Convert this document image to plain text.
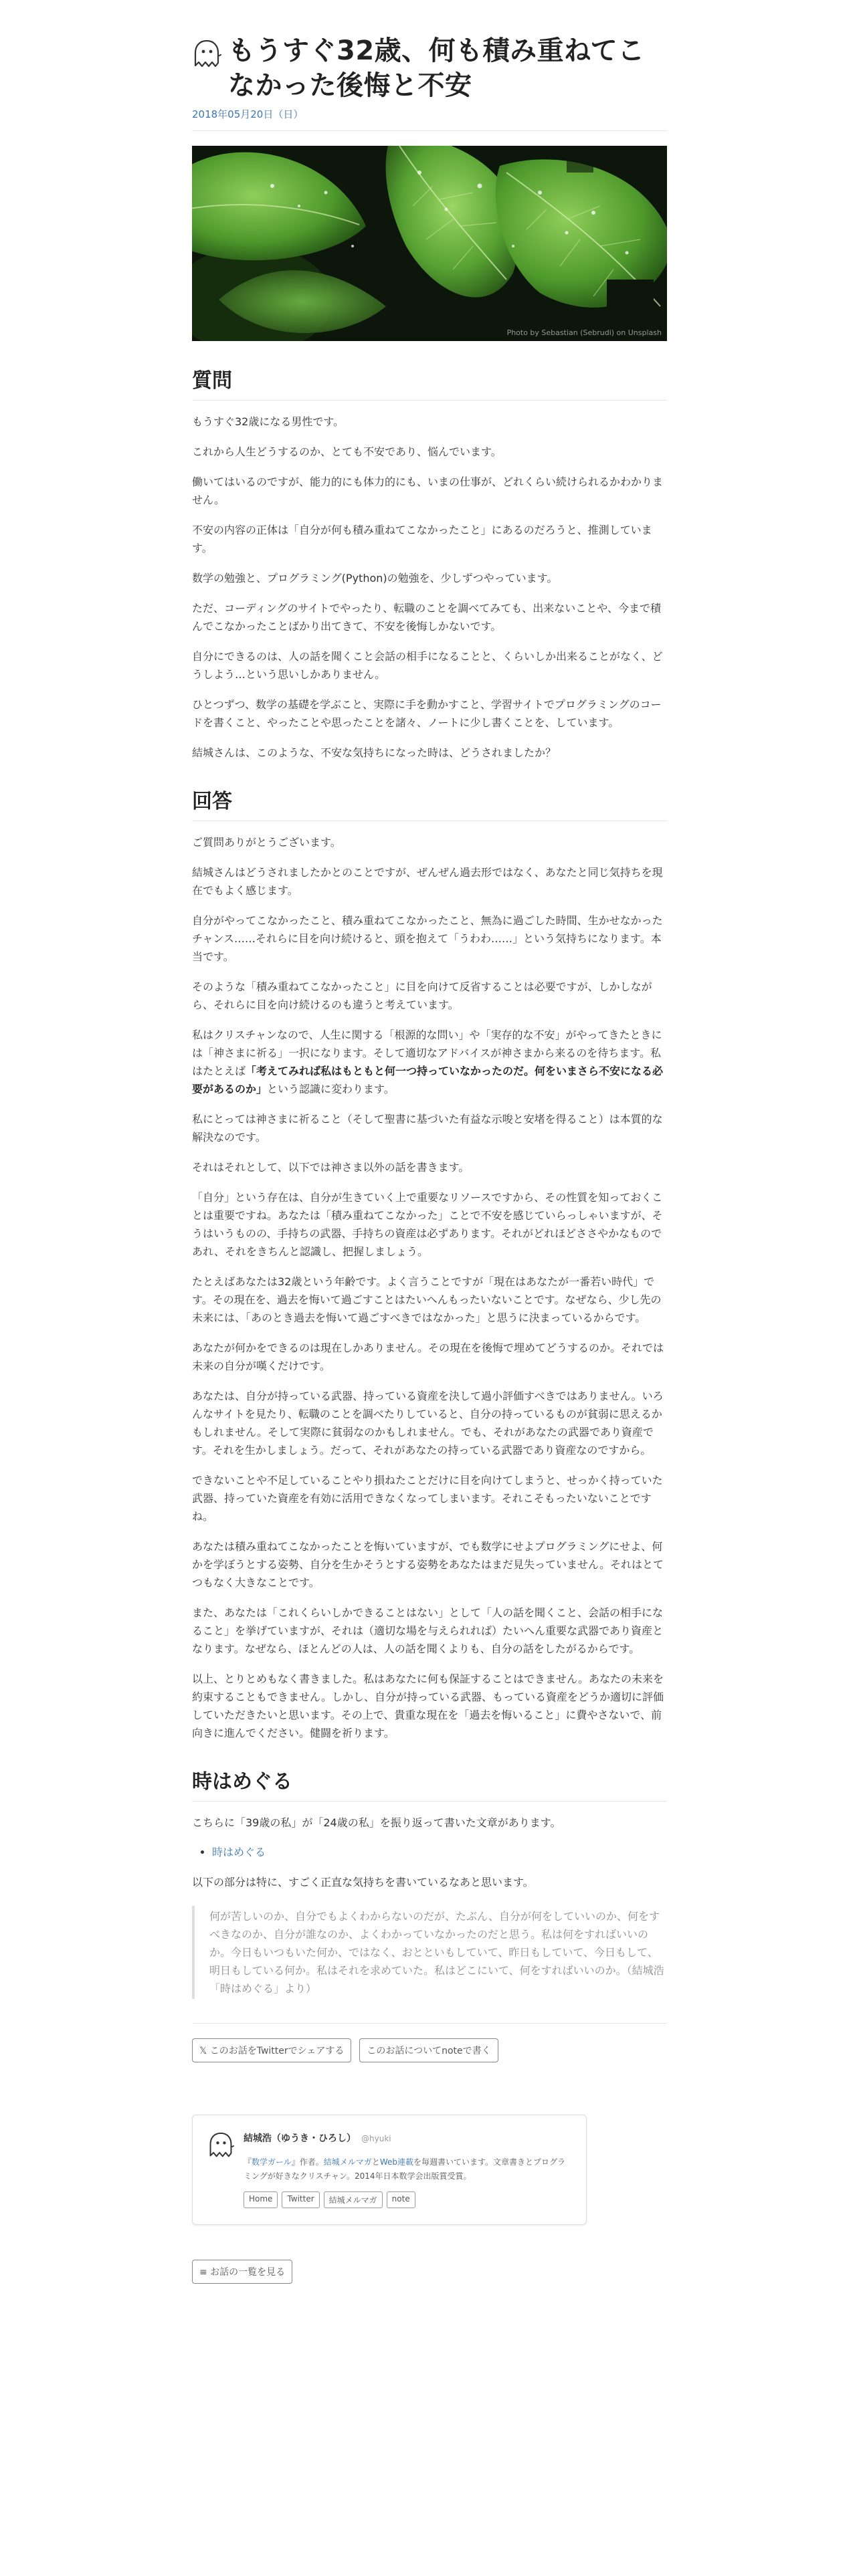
もうすぐ32歳、何も積み重ねてこなかった後悔と不安
2018年05月20日（日）
Photo by Sebastian (Sebrudi) on Unsplash
質問

もうすぐ32歳になる男性です。

これから人生どうするのか、とても不安であり、悩んでいます。

働いてはいるのですが、能力的にも体力的にも、いまの仕事が、どれくらい続けられるかわかりません。

不安の内容の正体は「自分が何も積み重ねてこなかったこと」にあるのだろうと、推測しています。

数学の勉強と、プログラミング(Python)の勉強を、少しずつやっています。

ただ、コーディングのサイトでやったり、転職のことを調べてみても、出来ないことや、今まで積んでこなかったことばかり出てきて、不安を後悔しかないです。

自分にできるのは、人の話を聞くこと会話の相手になることと、くらいしか出来ることがなく、どうしよう…という思いしかありません。

ひとつずつ、数学の基礎を学ぶこと、実際に手を動かすこと、学習サイトでプログラミングのコードを書くこと、やったことや思ったことを諸々、ノートに少し書くことを、しています。

結城さんは、このような、不安な気持ちになった時は、どうされましたか？

回答

ご質問ありがとうございます。

結城さんはどうされましたかとのことですが、ぜんぜん過去形ではなく、あなたと同じ気持ちを現在でもよく感じます。

自分がやってこなかったこと、積み重ねてこなかったこと、無為に過ごした時間、生かせなかったチャンス……それらに目を向け続けると、頭を抱えて「うわわ……」という気持ちになります。本当です。

そのような「積み重ねてこなかったこと」に目を向けて反省することは必要ですが、しかしながら、それらに目を向け続けるのも違うと考えています。

私はクリスチャンなので、人生に関する「根源的な問い」や「実存的な不安」がやってきたときには「神さまに祈る」一択になります。そして適切なアドバイスが神さまから来るのを待ちます。私はたとえば「考えてみれば私はもともと何一つ持っていなかったのだ。何をいまさら不安になる必要があるのか」という認識に変わります。

私にとっては神さまに祈ること（そして聖書に基づいた有益な示唆と安堵を得ること）は本質的な解決なのです。

それはそれとして、以下では神さま以外の話を書きます。

「自分」という存在は、自分が生きていく上で重要なリソースですから、その性質を知っておくことは重要ですね。あなたは「積み重ねてこなかった」ことで不安を感じていらっしゃいますが、そうはいうものの、手持ちの武器、手持ちの資産は必ずあります。それがどれほどささやかなものであれ、それをきちんと認識し、把握しましょう。

たとえばあなたは32歳という年齢です。よく言うことですが「現在はあなたが一番若い時代」です。その現在を、過去を悔いて過ごすことはたいへんもったいないことです。なぜなら、少し先の未来には、「あのとき過去を悔いて過ごすべきではなかった」と思うに決まっているからです。

あなたが何かをできるのは現在しかありません。その現在を後悔で埋めてどうするのか。それでは未来の自分が嘆くだけです。

あなたは、自分が持っている武器、持っている資産を決して過小評価すべきではありません。いろんなサイトを見たり、転職のことを調べたりしていると、自分の持っているものが貧弱に思えるかもしれません。そして実際に貧弱なのかもしれません。でも、それがあなたの武器であり資産です。それを生かしましょう。だって、それがあなたの持っている武器であり資産なのですから。

できないことや不足していることやり損ねたことだけに目を向けてしまうと、せっかく持っていた武器、持っていた資産を有効に活用できなくなってしまいます。それこそもったいないことですね。

あなたは積み重ねてこなかったことを悔いていますが、でも数学にせよプログラミングにせよ、何かを学ぼうとする姿勢、自分を生かそうとする姿勢をあなたはまだ見失っていません。それはとてつもなく大きなことです。

また、あなたは「これくらいしかできることはない」として「人の話を聞くこと、会話の相手になること」を挙げていますが、それは（適切な場を与えられれば）たいへん重要な武器であり資産となります。なぜなら、ほとんどの人は、人の話を聞くよりも、自分の話をしたがるからです。

以上、とりとめもなく書きました。私はあなたに何も保証することはできません。あなたの未来を約束することもできません。しかし、自分が持っている武器、もっている資産をどうか適切に評価していただきたいと思います。その上で、貴重な現在を「過去を悔いること」に費やさないで、前向きに進んでください。健闘を祈ります。

時はめぐる

こちらに「39歳の私」が「24歳の私」を振り返って書いた文章があります。

• 時はめぐる

以下の部分は特に、すごく正直な気持ちを書いているなあと思います。

何が苦しいのか、自分でもよくわからないのだが、たぶん、自分が何をしていいのか、何をすべきなのか、自分が誰なのか、よくわかっていなかったのだと思う。私は何をすればいいのか。今日もいつもいた何か、ではなく、おとといもしていて、昨日もしていて、今日もして、明日もしている何か。私はそれを求めていた。私はどこにいて、何をすればいいのか。（結城浩「時はめぐる」より）
𝕏 このお話をTwitterでシェアする	このお話についてnoteで書く
結城浩（ゆうき・ひろし） @hyuki
『数学ガール』作者。結城メルマガとWeb連載を毎週書いています。文章書きとプログラミングが好きなクリスチャン。2014年日本数学会出版賞受賞。
Home	Twitter	結城メルマガ	note
≡ お話の一覧を見る
